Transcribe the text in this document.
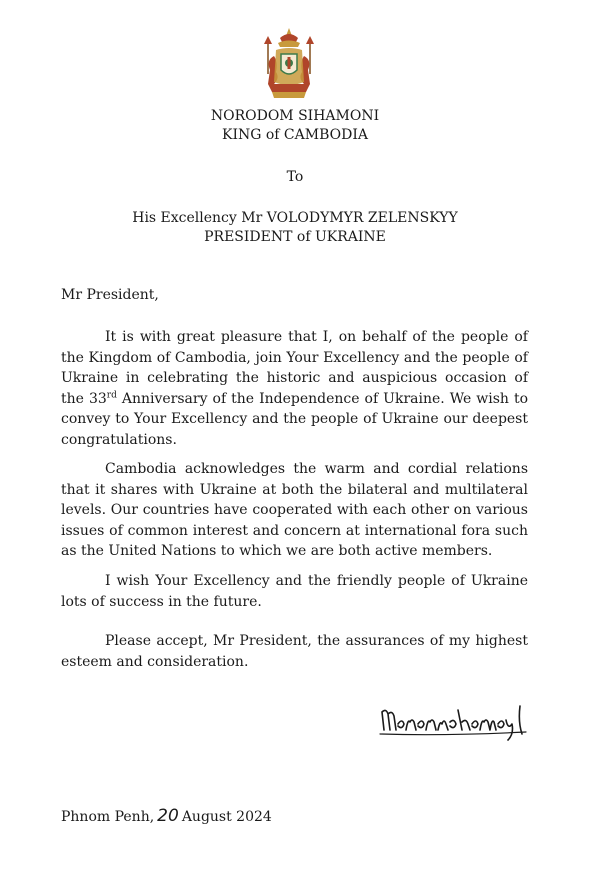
NORODOM SIHAMONI
KING of CAMBODIA
To
His Excellency Mr VOLODYMYR ZELENSKYY
PRESIDENT of UKRAINE
Mr President,

It is with great pleasure that I, on behalf of the people of the Kingdom of Cambodia, join Your Excellency and the people of Ukraine in celebrating the historic and auspicious occasion of the 33rd Anniversary of the Independence of Ukraine. We wish to convey to Your Excellency and the people of Ukraine our deepest congratulations.

Cambodia acknowledges the warm and cordial relations that it shares with Ukraine at both the bilateral and multilateral levels. Our countries have cooperated with each other on various issues of common interest and concern at international fora such as the United Nations to which we are both active members.

I wish Your Excellency and the friendly people of Ukraine lots of success in the future.

Please accept, Mr President, the assurances of my highest esteem and consideration.

Phnom Penh, 20 August 2024
